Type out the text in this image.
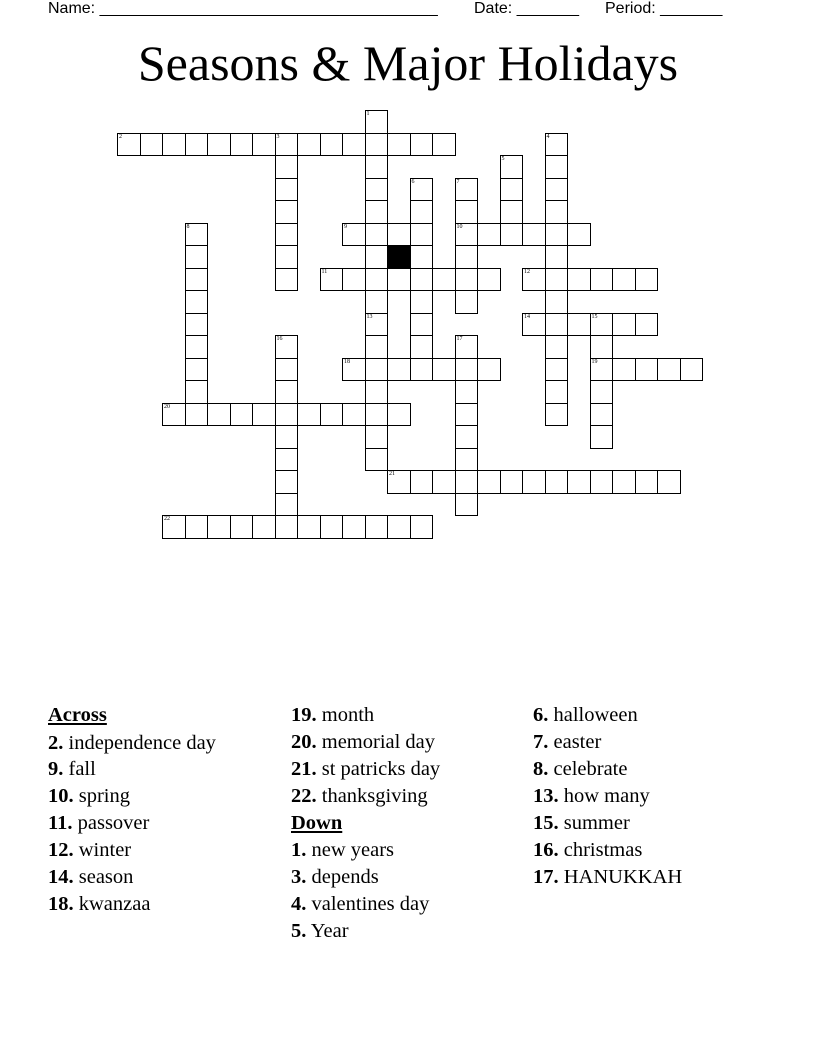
Name: ______________________________________ Date: _______ Period: _______
Seasons & Major Holidays
2	3
9	10
11	12
14	15
18	19
20
21
22
1
13
4
5
6	7
8
16	17
Across
2. independence day
9. fall
10. spring
11. passover
12. winter
14. season
18. kwanzaa
19. month
20. memorial day
21. st patricks day
22. thanksgiving
Down
1. new years
3. depends
4. valentines day
5. Year
6. halloween
7. easter
8. celebrate
13. how many
15. summer
16. christmas
17. HANUKKAH
